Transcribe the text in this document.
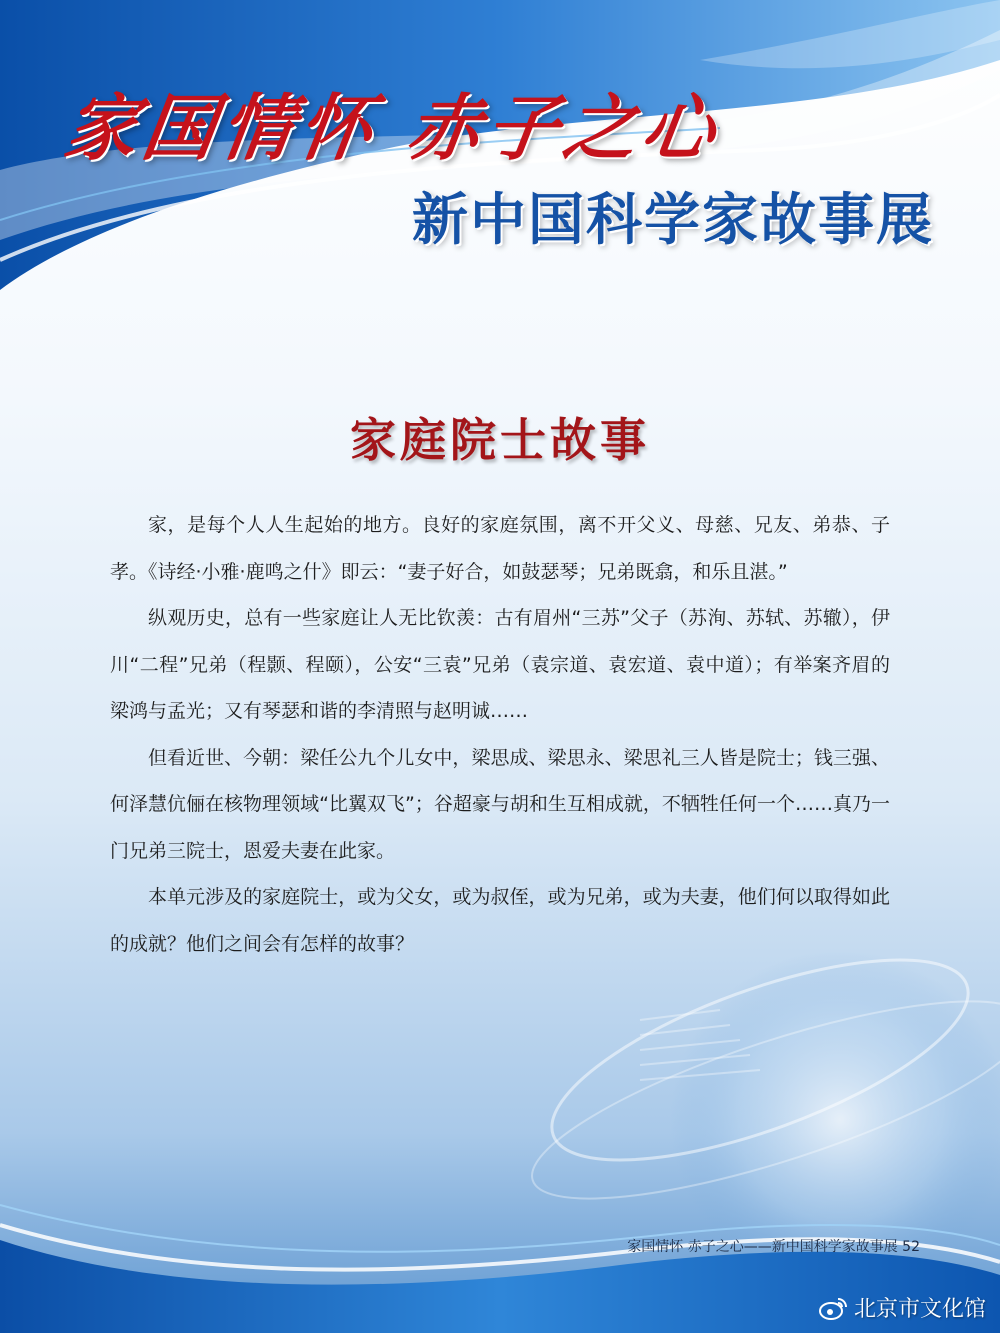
家国情怀 赤子之心
新中国科学家故事展
家庭院士故事

家，是每个人人生起始的地方。良好的家庭氛围，离不开父义、母慈、兄友、弟恭、子孝。《诗经·小雅·鹿鸣之什》即云：“妻子好合，如鼓瑟琴；兄弟既翕，和乐且湛。”

纵观历史，总有一些家庭让人无比钦羡：古有眉州“三苏”父子（苏洵、苏轼、苏辙），伊川“二程”兄弟（程颢、程颐），公安“三袁”兄弟（袁宗道、袁宏道、袁中道）；有举案齐眉的梁鸿与孟光；又有琴瑟和谐的李清照与赵明诚……

但看近世、今朝：梁任公九个儿女中，梁思成、梁思永、梁思礼三人皆是院士；钱三强、何泽慧伉俪在核物理领域“比翼双飞”；谷超豪与胡和生互相成就，不牺牲任何一个……真乃一门兄弟三院士，恩爱夫妻在此家。

本单元涉及的家庭院士，或为父女，或为叔侄，或为兄弟，或为夫妻，他们何以取得如此的成就？他们之间会有怎样的故事？

家国情怀 赤子之心——新中国科学家故事展 52
北京市文化馆
